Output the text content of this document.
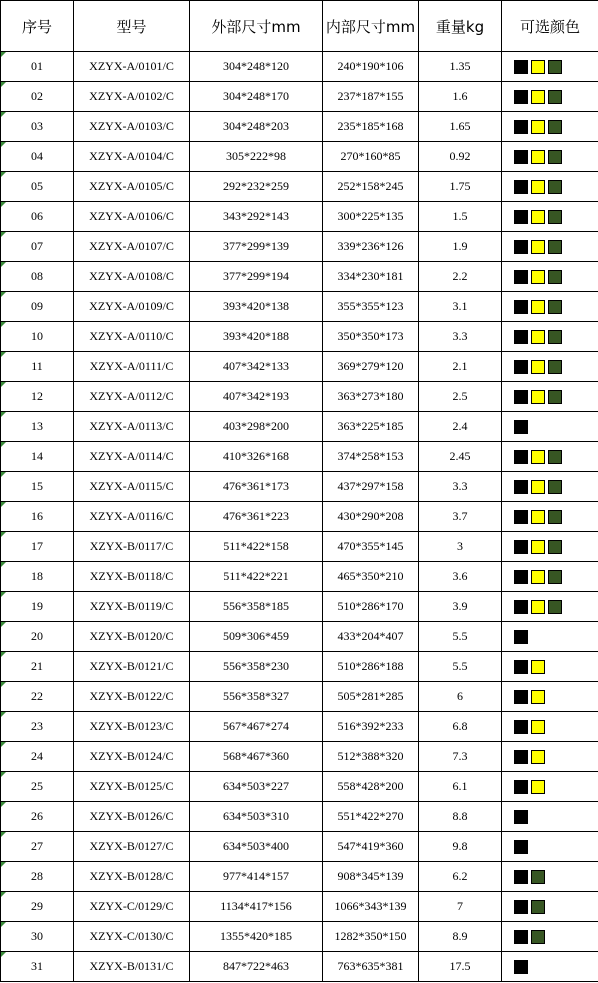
序号	型号	外部尺寸mm	内部尺寸mm	重量kg	可选颜色
01	XZYX-A/0101/C	304*248*120	240*190*106	1.35	

02	XZYX-A/0102/C	304*248*170	237*187*155	1.6	

03	XZYX-A/0103/C	304*248*203	235*185*168	1.65	

04	XZYX-A/0104/C	305*222*98	270*160*85	0.92	

05	XZYX-A/0105/C	292*232*259	252*158*245	1.75	

06	XZYX-A/0106/C	343*292*143	300*225*135	1.5	

07	XZYX-A/0107/C	377*299*139	339*236*126	1.9	

08	XZYX-A/0108/C	377*299*194	334*230*181	2.2	

09	XZYX-A/0109/C	393*420*138	355*355*123	3.1	

10	XZYX-A/0110/C	393*420*188	350*350*173	3.3	

11	XZYX-A/0111/C	407*342*133	369*279*120	2.1	

12	XZYX-A/0112/C	407*342*193	363*273*180	2.5	

13	XZYX-A/0113/C	403*298*200	363*225*185	2.4	

14	XZYX-A/0114/C	410*326*168	374*258*153	2.45	

15	XZYX-A/0115/C	476*361*173	437*297*158	3.3	

16	XZYX-A/0116/C	476*361*223	430*290*208	3.7	

17	XZYX-B/0117/C	511*422*158	470*355*145	3	

18	XZYX-B/0118/C	511*422*221	465*350*210	3.6	

19	XZYX-B/0119/C	556*358*185	510*286*170	3.9	

20	XZYX-B/0120/C	509*306*459	433*204*407	5.5	

21	XZYX-B/0121/C	556*358*230	510*286*188	5.5	

22	XZYX-B/0122/C	556*358*327	505*281*285	6	

23	XZYX-B/0123/C	567*467*274	516*392*233	6.8	

24	XZYX-B/0124/C	568*467*360	512*388*320	7.3	

25	XZYX-B/0125/C	634*503*227	558*428*200	6.1	

26	XZYX-B/0126/C	634*503*310	551*422*270	8.8	

27	XZYX-B/0127/C	634*503*400	547*419*360	9.8	

28	XZYX-B/0128/C	977*414*157	908*345*139	6.2	

29	XZYX-C/0129/C	1134*417*156	1066*343*139	7	

30	XZYX-C/0130/C	1355*420*185	1282*350*150	8.9	

31	XZYX-B/0131/C	847*722*463	763*635*381	17.5	
